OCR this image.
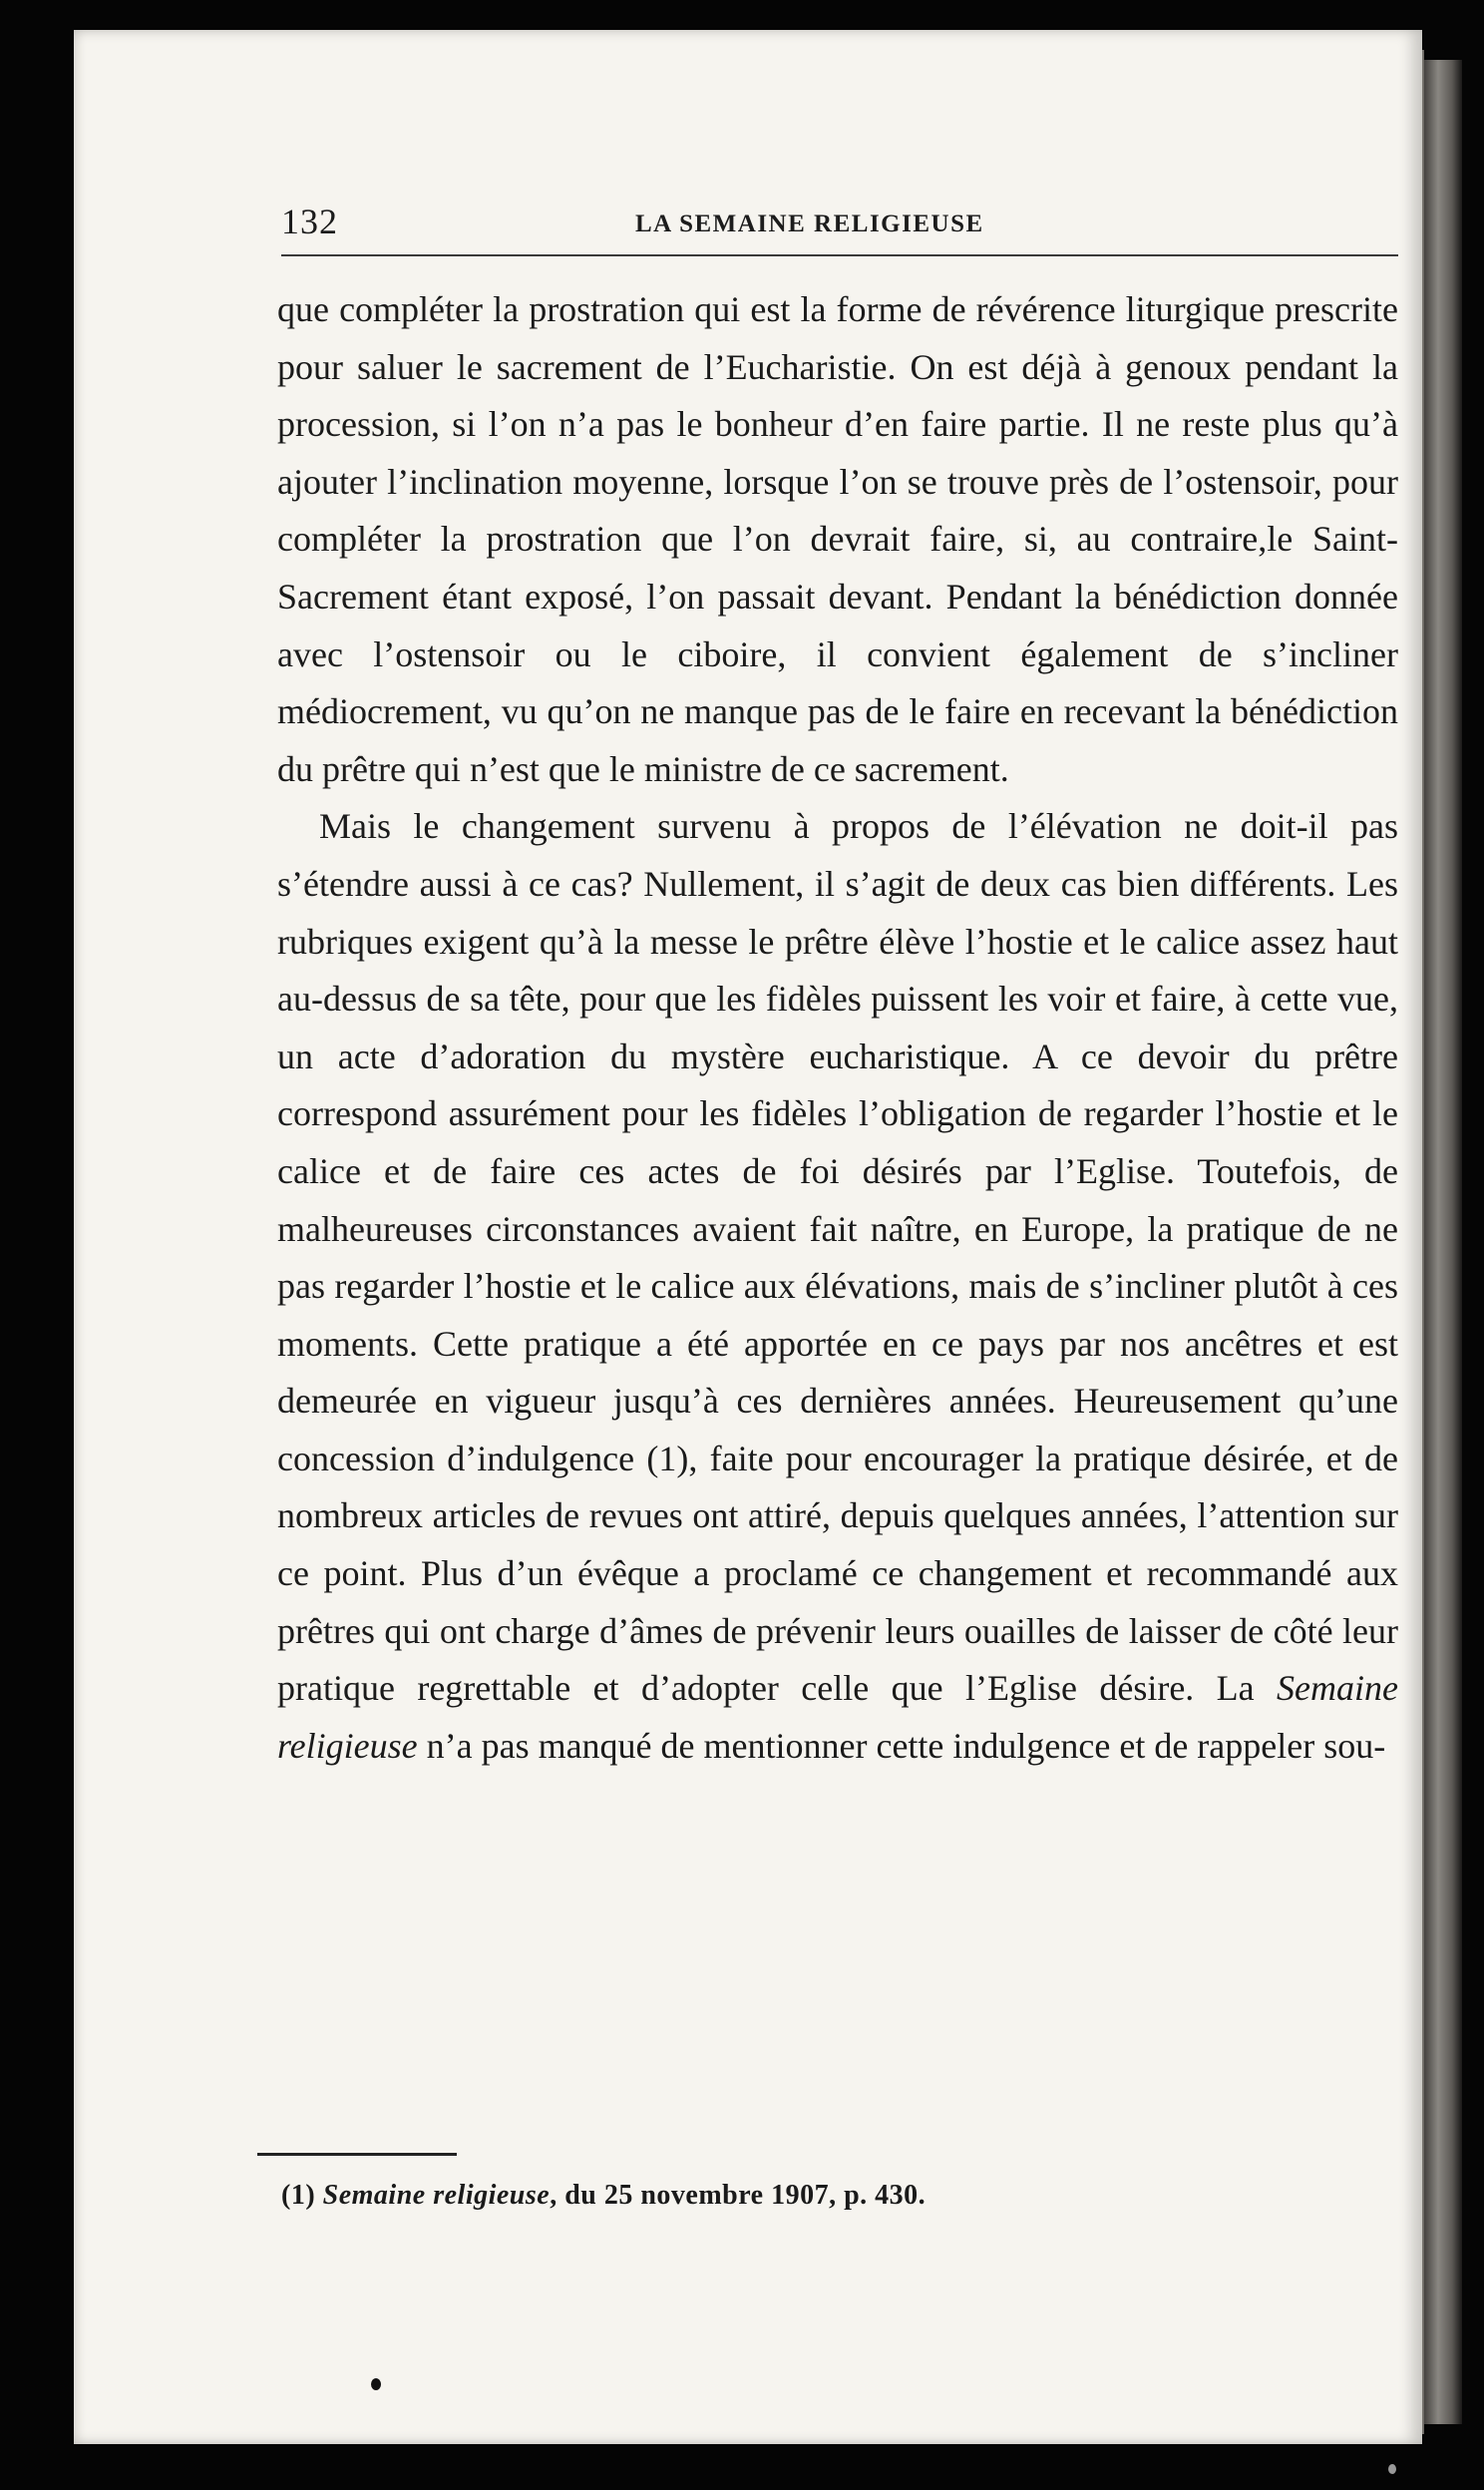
132	LA SEMAINE RELIGIEUSE

que compléter la prostration qui est la forme de révérence liturgique prescrite pour saluer le sacrement de l’Eucharistie. On est déjà à genoux pendant la procession, si l’on n’a pas le bonheur d’en faire partie. Il ne reste plus qu’à ajouter l’inclination moyenne, lorsque l’on se trouve près de l’ostensoir, pour compléter la prostration que l’on devrait faire, si, au contraire,le Saint-Sacrement étant exposé, l’on passait devant. Pendant la bénédiction donnée avec l’ostensoir ou le ciboire, il convient également de s’incliner médiocrement, vu qu’on ne manque pas de le faire en recevant la bénédiction du prêtre qui n’est que le ministre de ce sacrement.

Mais le changement survenu à propos de l’élévation ne doit-il pas s’étendre aussi à ce cas? Nullement, il s’agit de deux cas bien différents. Les rubriques exigent qu’à la messe le prêtre élève l’hostie et le calice assez haut au-dessus de sa tête, pour que les fidèles puissent les voir et faire, à cette vue, un acte d’adoration du mystère eucharistique. A ce devoir du prêtre correspond assurément pour les fidèles l’obligation de regarder l’hostie et le calice et de faire ces actes de foi désirés par l’Eglise. Toutefois, de malheureuses circonstances avaient fait naître, en Europe, la pratique de ne pas regarder l’hostie et le calice aux élévations, mais de s’incliner plutôt à ces moments. Cette pratique a été apportée en ce pays par nos ancêtres et est demeurée en vigueur jusqu’à ces dernières années. Heureusement qu’une concession d’indulgence (1), faite pour encourager la pratique désirée, et de nombreux articles de revues ont attiré, depuis quelques années, l’attention sur ce point. Plus d’un évêque a proclamé ce changement et recommandé aux prêtres qui ont charge d’âmes de prévenir leurs ouailles de laisser de côté leur pratique regrettable et d’adopter celle que l’Eglise désire. La Semaine religieuse n’a pas manqué de mentionner cette indulgence et de rappeler sou-

(1) Semaine religieuse, du 25 novembre 1907, p. 430.
